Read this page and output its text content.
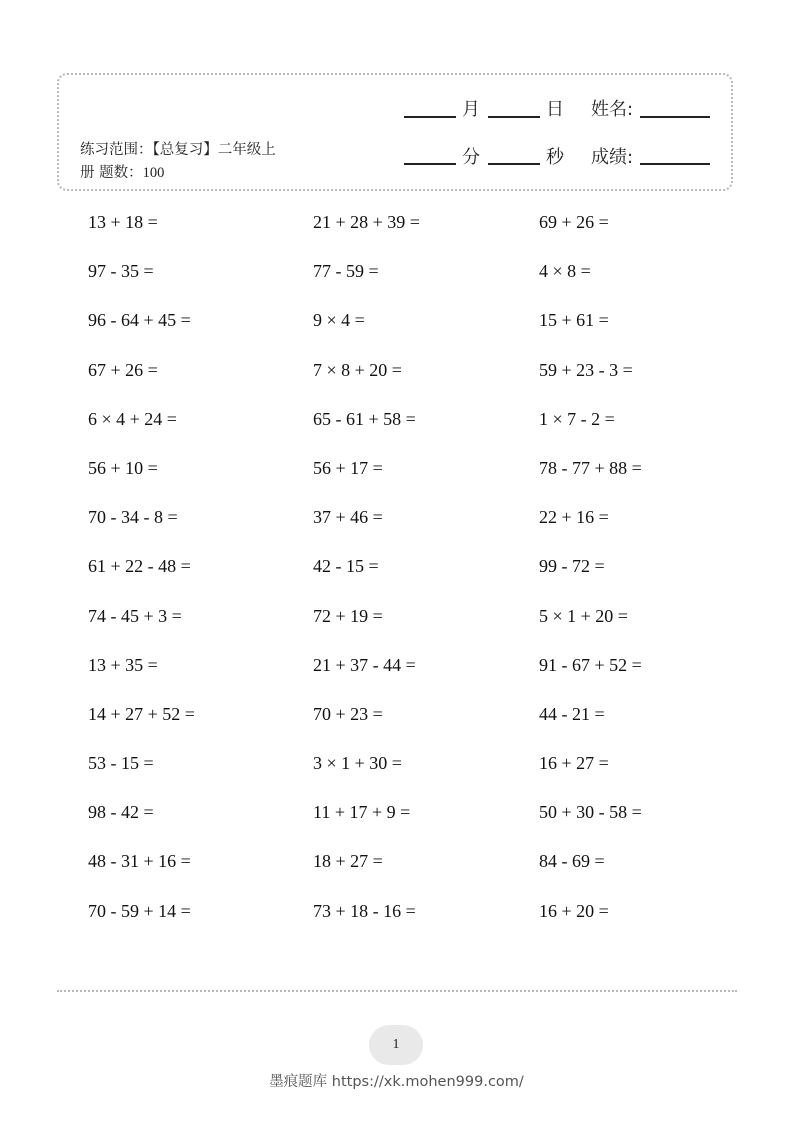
练习范围：【总复习】二年级上
册 题数：100
月	日 姓名:
分	秒 成绩:
13 + 18 =	21 + 28 + 39 =	69 + 26 =
97 - 35 =	77 - 59 =	4 × 8 =
96 - 64 + 45 =	9 × 4 =	15 + 61 =
67 + 26 =	7 × 8 + 20 =	59 + 23 - 3 =
6 × 4 + 24 =	65 - 61 + 58 =	1 × 7 - 2 =
56 + 10 =	56 + 17 =	78 - 77 + 88 =
70 - 34 - 8 =	37 + 46 =	22 + 16 =
61 + 22 - 48 =	42 - 15 =	99 - 72 =
74 - 45 + 3 =	72 + 19 =	5 × 1 + 20 =
13 + 35 =	21 + 37 - 44 =	91 - 67 + 52 =
14 + 27 + 52 =	70 + 23 =	44 - 21 =
53 - 15 =	3 × 1 + 30 =	16 + 27 =
98 - 42 =	11 + 17 + 9 =	50 + 30 - 58 =
48 - 31 + 16 =	18 + 27 =	84 - 69 =
70 - 59 + 14 =	73 + 18 - 16 =	16 + 20 =
1
墨痕题库 https://xk.mohen999.com/
